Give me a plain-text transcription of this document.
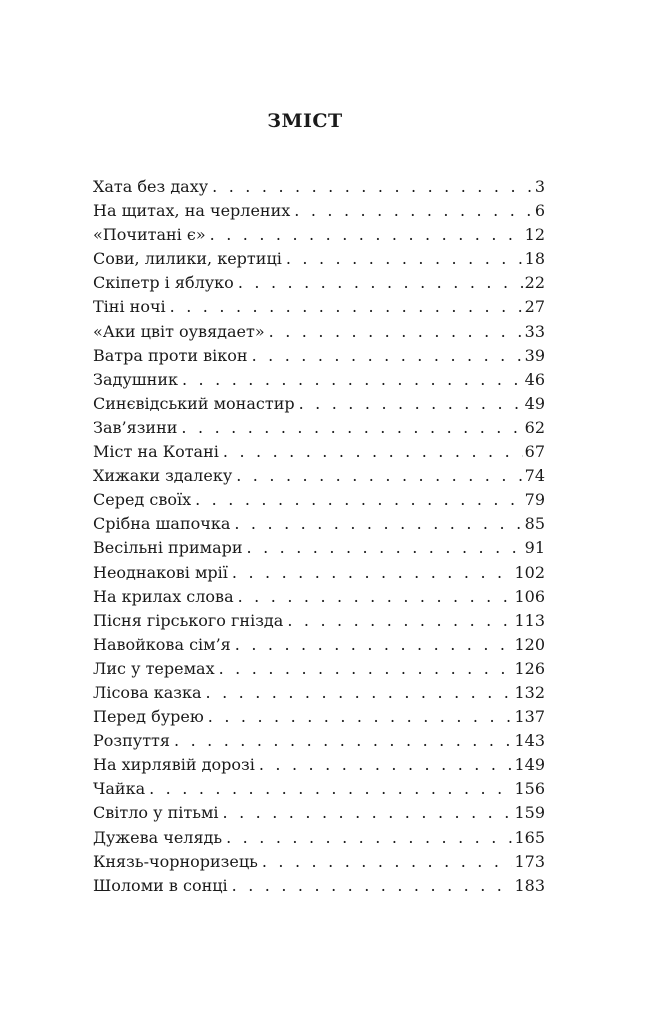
ЗМІСТ
Хата без даху . . .	3
На щитах, на черлених . . .	6
«Почитані є» . . .	12
Сови, лилики, кертиці . . .	18
Скіпетр і яблуко . . .	22
Тіні ночі . . .	27
«Аки цвіт оувядает» . . .	33
Ватра проти вікон . . .	39
Задушник . . .	46
Синєвідський монастир . . .	49
Зав’язини . . .	62
Міст на Котані . . .	67
Хижаки здалеку . . .	74
Серед своїх . . .	79
Срібна шапочка . . .	85
Весільні примари . . .	91
Неоднакові мрії . . .	102
На крилах слова . . .	106
Пісня гірського гнізда . . .	113
Навойкова сім’я . . .	120
Лис у теремах . . .	126
Лісова казка . . .	132
Перед бурею . . .	137
Розпуття . . .	143
На хирлявій дорозі . . .	149
Чайка . . .	156
Світло у пітьмі . . .	159
Дужева челядь . . .	165
Князь-чорноризець . . .	173
Шоломи в сонці . . .	183
